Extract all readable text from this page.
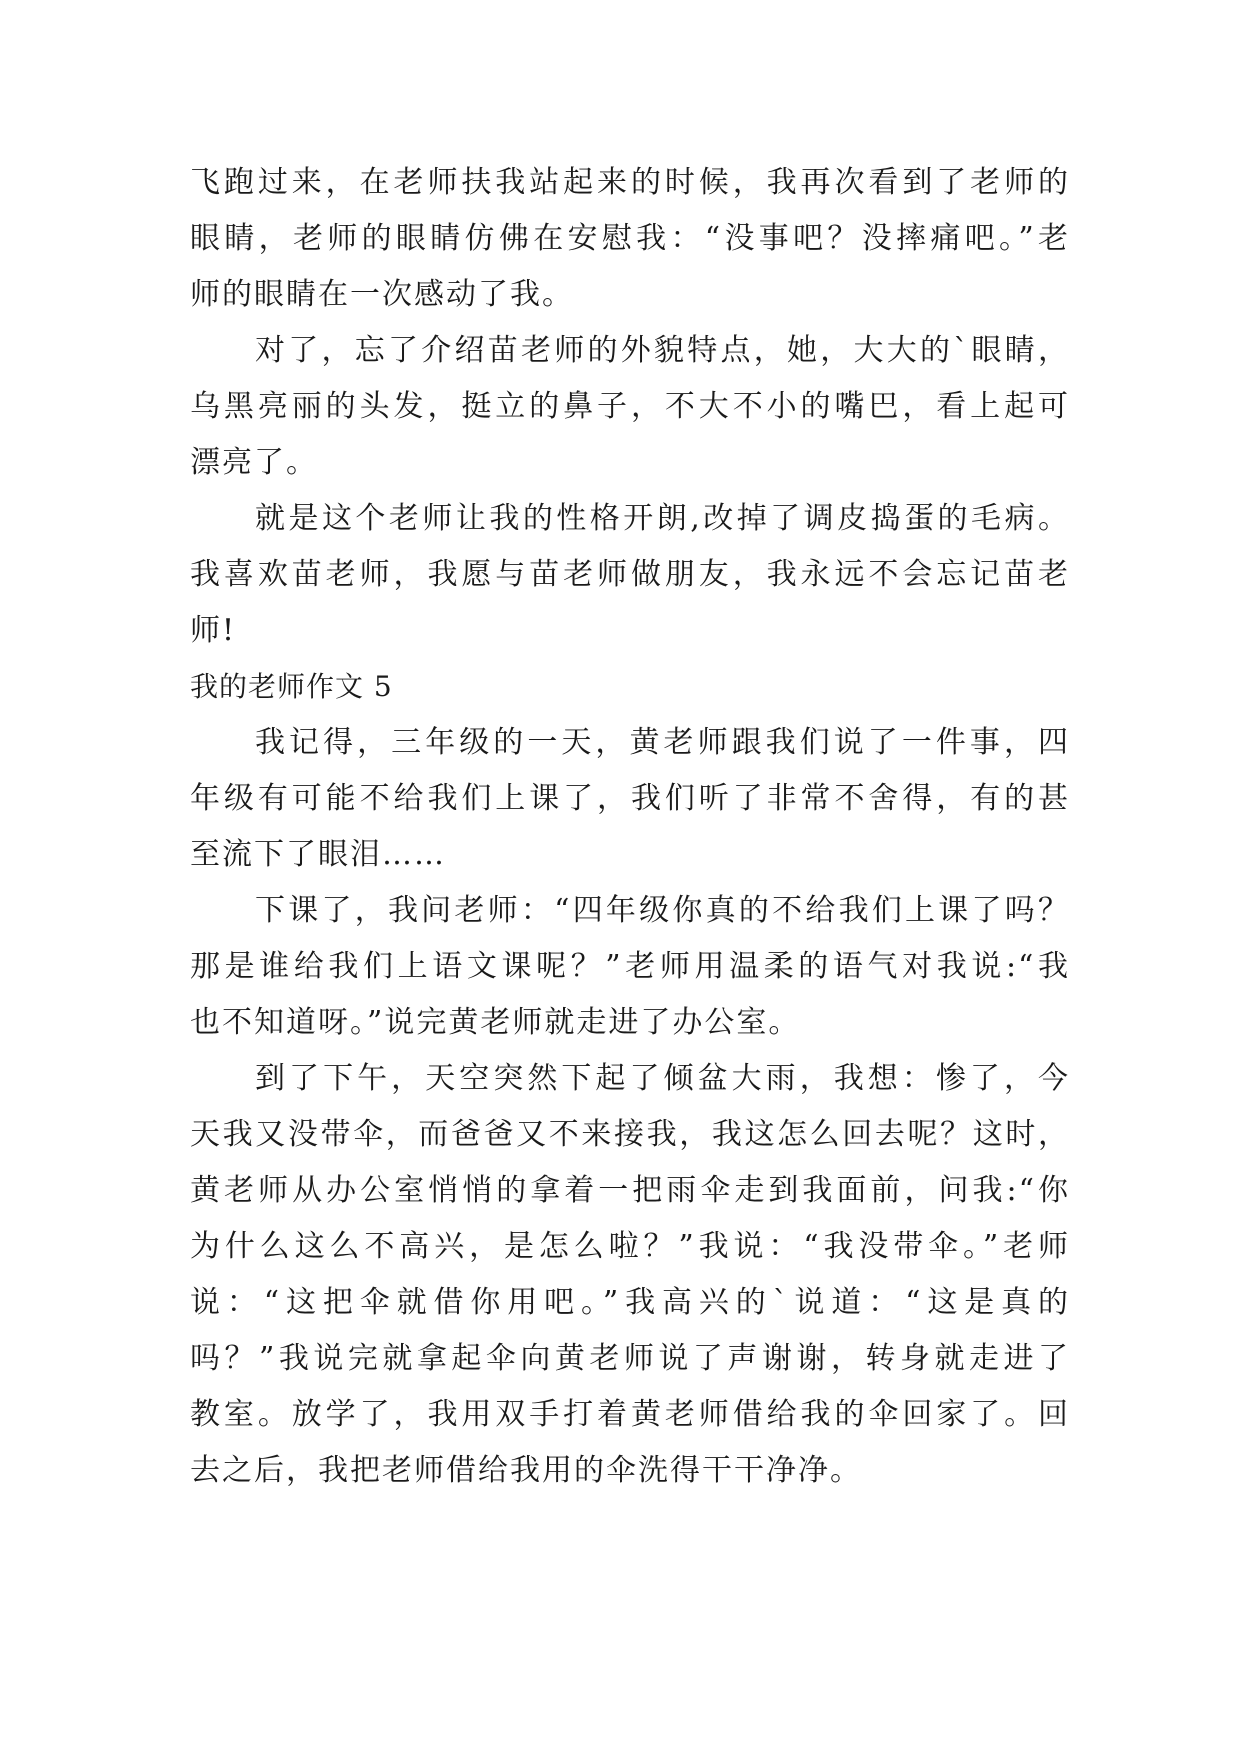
飞跑过来，在老师扶我站起来的时候，我再次看到了老师的
眼睛，老师的眼睛仿佛在安慰我：“没事吧？没摔痛吧。”老
师的眼睛在一次感动了我。
对了，忘了介绍苗老师的外貌特点，她，大大的`眼睛，
乌黑亮丽的头发，挺立的鼻子，不大不小的嘴巴，看上起可
漂亮了。
就是这个老师让我的性格开朗,改掉了调皮捣蛋的毛病。
我喜欢苗老师，我愿与苗老师做朋友，我永远不会忘记苗老
师!
我的老师作文 5
我记得，三年级的一天，黄老师跟我们说了一件事，四
年级有可能不给我们上课了，我们听了非常不舍得，有的甚
至流下了眼泪……
下课了，我问老师：“四年级你真的不给我们上课了吗？
那是谁给我们上语文课呢？”老师用温柔的语气对我说:“我
也不知道呀。”说完黄老师就走进了办公室。
到了下午，天空突然下起了倾盆大雨，我想：惨了，今
天我又没带伞，而爸爸又不来接我，我这怎么回去呢？这时，
黄老师从办公室悄悄的拿着一把雨伞走到我面前，问我:“你
为什么这么不高兴，是怎么啦？”我说：“我没带伞。”老师
说：“这把伞就借你用吧。”我高兴的`说道：“这是真的
吗？”我说完就拿起伞向黄老师说了声谢谢，转身就走进了
教室。放学了，我用双手打着黄老师借给我的伞回家了。回
去之后，我把老师借给我用的伞洗得干干净净。
